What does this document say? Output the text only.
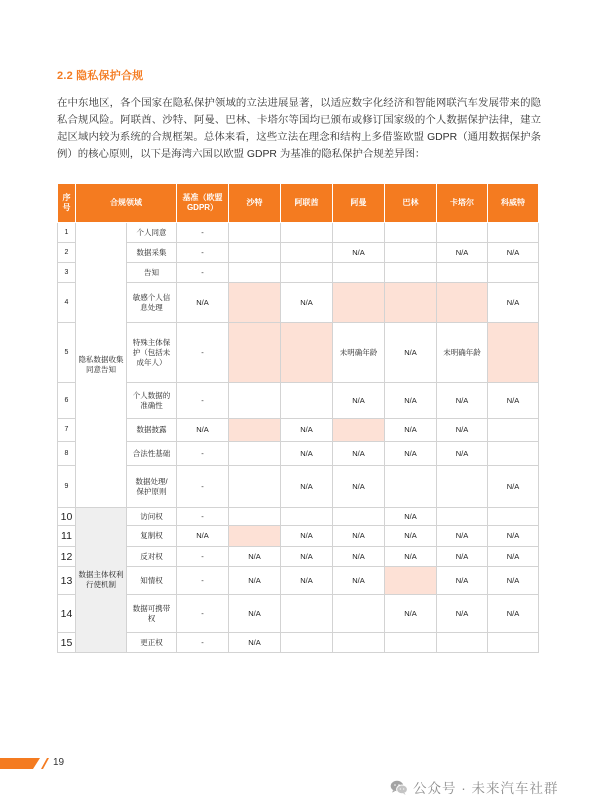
2.2 隐私保护合规

在中东地区，各个国家在隐私保护领域的立法进展显著，以适应数字化经济和智能网联汽车发展带来的隐私合规风险。阿联酋、沙特、阿曼、巴林、卡塔尔等国均已颁布或修订国家级的个人数据保护法律，建立起区域内较为系统的合规框架。总体来看，这些立法在理念和结构上多借鉴欧盟 GDPR（通用数据保护条例）的核心原则，以下是海湾六国以欧盟 GDPR 为基准的隐私保护合规差异图：

序号	合规领域		基准（欧盟GDPR）	沙特	阿联酋	阿曼	巴林	卡塔尔	科威特
1	隐私数据收集同意告知	个人同意	-						
2		数据采集	-			N/A		N/A	N/A
3		告知	-						
4		敏感个人信息处理	N/A		N/A				N/A
5		特殊主体保护（包括未成年人）	-			未明确年龄	N/A	未明确年龄	
6		个人数据的准确性	-			N/A	N/A	N/A	N/A
7		数据披露	N/A		N/A		N/A	N/A	
8		合法性基础	-		N/A	N/A	N/A	N/A	
9		数据处理/保护原则	-		N/A	N/A			N/A
10	数据主体权利行使机制	访问权	-				N/A		
11		复制权	N/A		N/A	N/A	N/A	N/A	N/A
12		反对权	-	N/A	N/A	N/A	N/A	N/A	N/A
13		知情权	-	N/A	N/A	N/A		N/A	N/A
14		数据可携带权	-	N/A			N/A	N/A	N/A
15		更正权	-	N/A					
19
公众号 · 未来汽车社群
